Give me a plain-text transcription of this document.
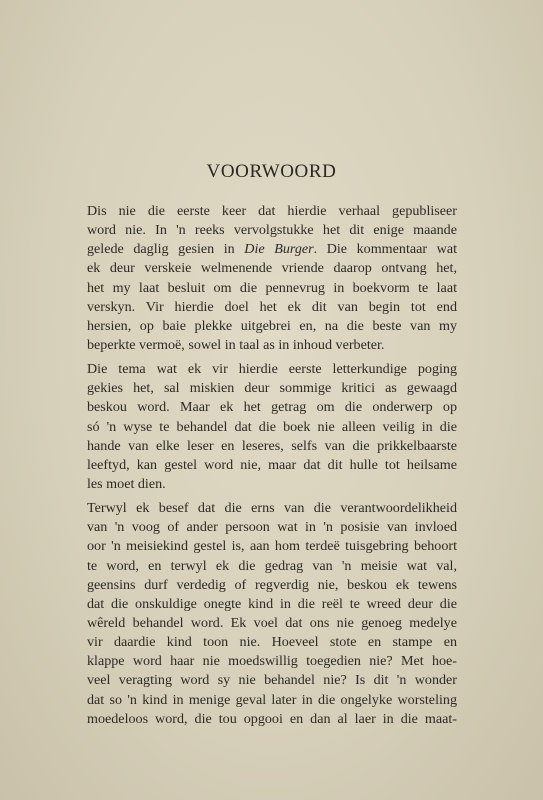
VOORWOORD

Dis nie die eerste keer dat hierdie verhaal gepubliseer
word nie. In 'n reeks vervolgstukke het dit enige maande
gelede daglig gesien in Die Burger. Die kommentaar wat
ek deur verskeie welmenende vriende daarop ontvang het,
het my laat besluit om die pennevrug in boekvorm te laat
verskyn. Vir hierdie doel het ek dit van begin tot end
hersien, op baie plekke uitgebrei en, na die beste van my
beperkte vermoë, sowel in taal as in inhoud verbeter.

Die tema wat ek vir hierdie eerste letterkundige poging
gekies het, sal miskien deur sommige kritici as gewaagd
beskou word. Maar ek het getrag om die onderwerp op
só 'n wyse te behandel dat die boek nie alleen veilig in die
hande van elke leser en leseres, selfs van die prikkelbaarste
leeftyd, kan gestel word nie, maar dat dit hulle tot heilsame
les moet dien.

Terwyl ek besef dat die erns van die verantwoordelikheid
van 'n voog of ander persoon wat in 'n posisie van invloed
oor 'n meisiekind gestel is, aan hom terdeë tuisgebring behoort
te word, en terwyl ek die gedrag van 'n meisie wat val,
geensins durf verdedig of regverdig nie, beskou ek tewens
dat die onskuldige onegte kind in die reël te wreed deur die
wêreld behandel word. Ek voel dat ons nie genoeg medelye
vir daardie kind toon nie. Hoeveel stote en stampe en
klappe word haar nie moedswillig toegedien nie? Met hoe-
veel veragting word sy nie behandel nie? Is dit 'n wonder
dat so 'n kind in menige geval later in die ongelyke worsteling
moedeloos word, die tou opgooi en dan al laer in die maat-
